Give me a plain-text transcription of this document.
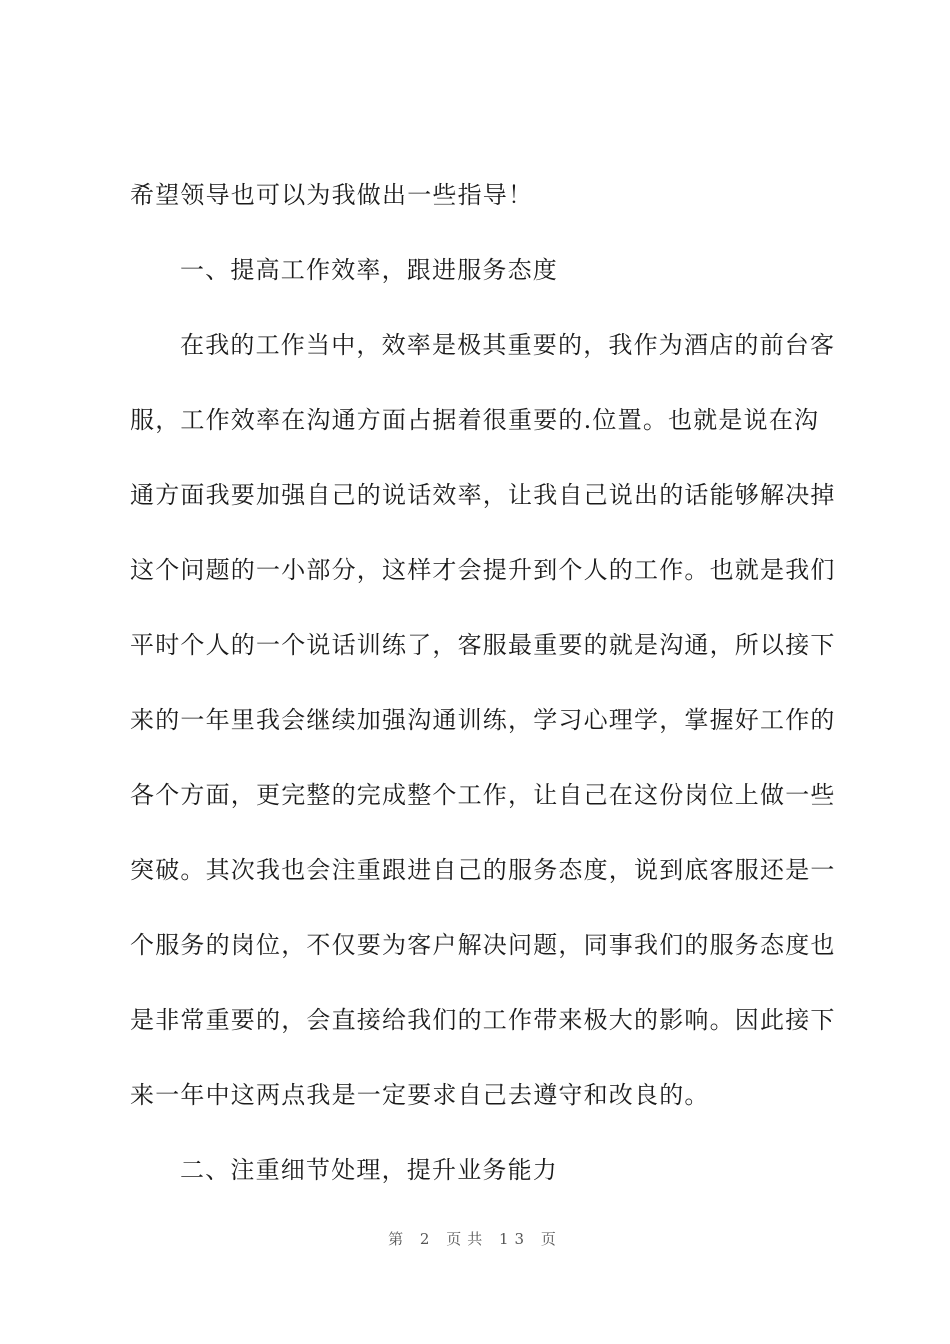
希望领导也可以为我做出一些指导！
一、提高工作效率，跟进服务态度
在我的工作当中，效率是极其重要的，我作为酒店的前台客
服，工作效率在沟通方面占据着很重要的.位置。也就是说在沟
通方面我要加强自己的说话效率，让我自己说出的话能够解决掉
这个问题的一小部分，这样才会提升到个人的工作。也就是我们
平时个人的一个说话训练了，客服最重要的就是沟通，所以接下
来的一年里我会继续加强沟通训练，学习心理学，掌握好工作的
各个方面，更完整的完成整个工作，让自己在这份岗位上做一些
突破。其次我也会注重跟进自己的服务态度，说到底客服还是一
个服务的岗位，不仅要为客户解决问题，同事我们的服务态度也
是非常重要的，会直接给我们的工作带来极大的影响。因此接下
来一年中这两点我是一定要求自己去遵守和改良的。
二、注重细节处理，提升业务能力
第 2 页共 13 页
